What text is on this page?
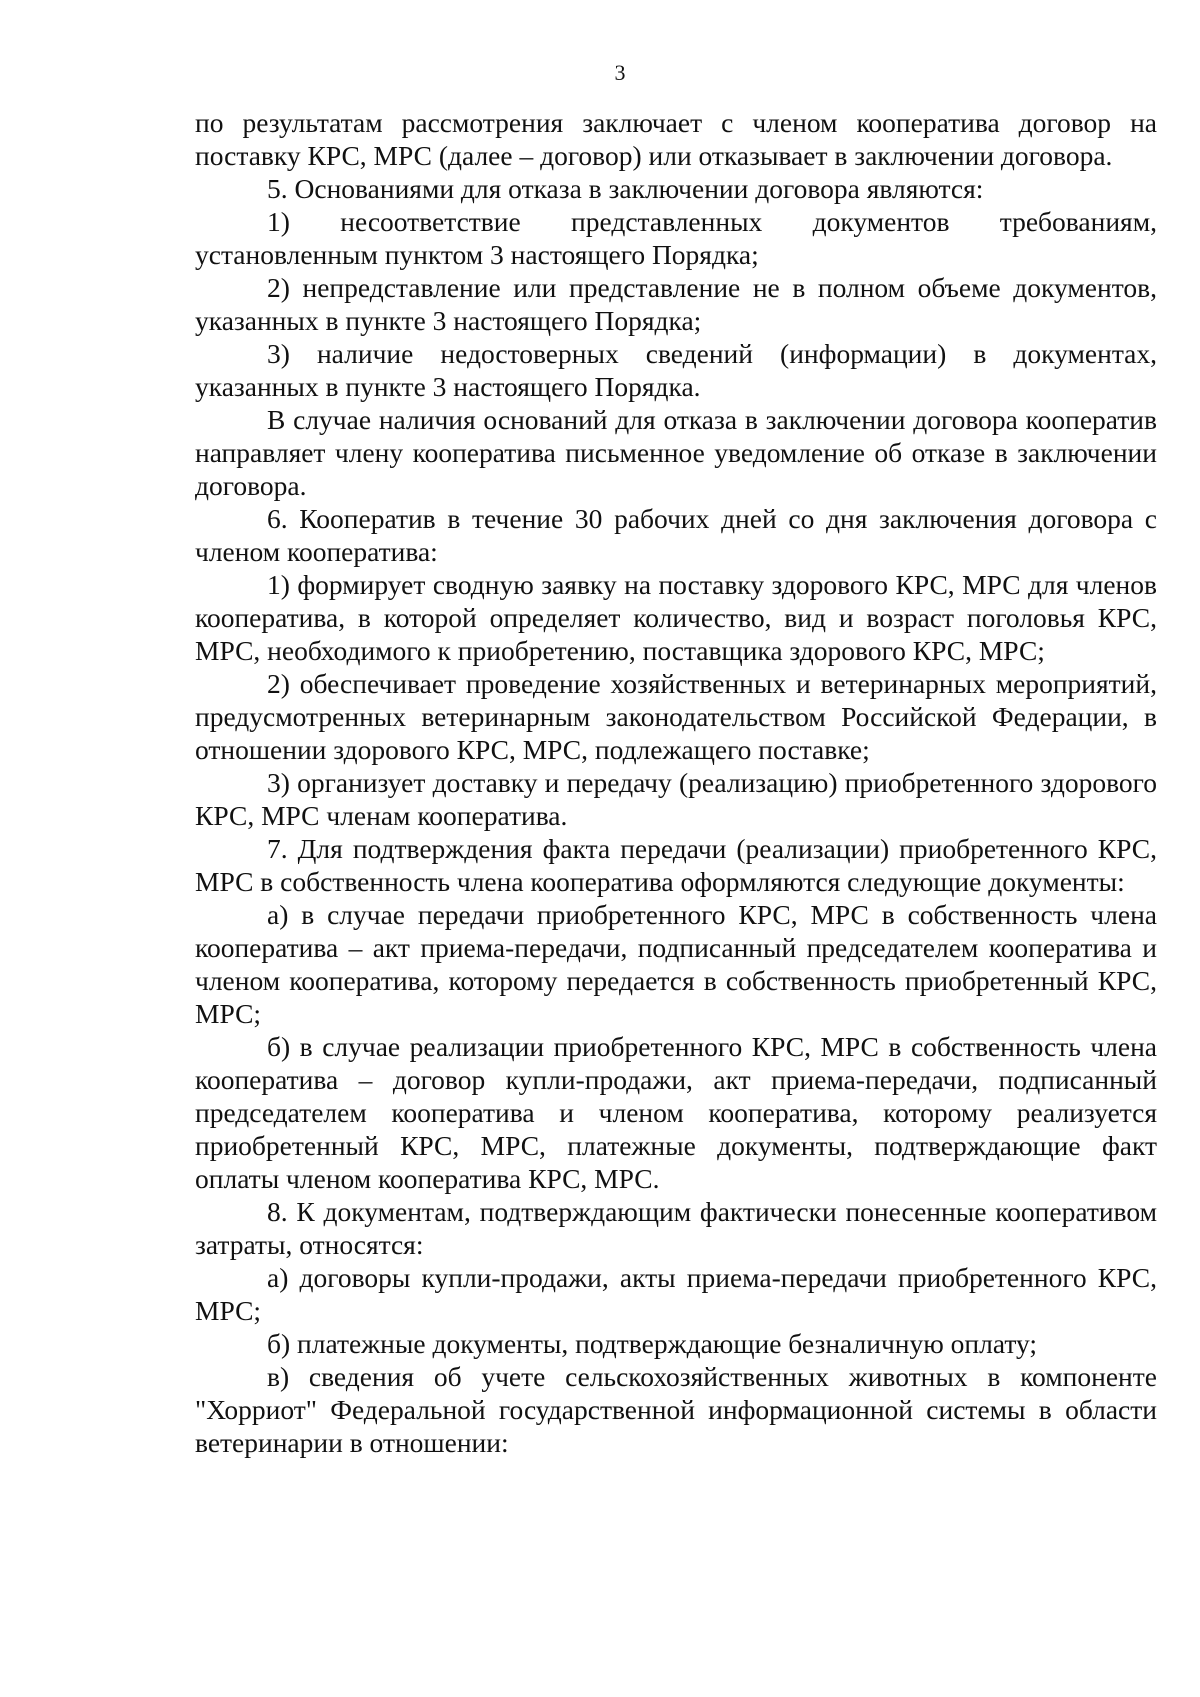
3

по результатам рассмотрения заключает с членом кооператива договор на поставку КРС, МРС (далее – договор) или отказывает в заключении договора.

5. Основаниями для отказа в заключении договора являются:

1) несоответствие представленных документов требованиям, установленным пунктом 3 настоящего Порядка;

2) непредставление или представление не в полном объеме документов, указанных в пункте 3 настоящего Порядка;

3) наличие недостоверных сведений (информации) в документах, указанных в пункте 3 настоящего Порядка.

В случае наличия оснований для отказа в заключении договора кооператив направляет члену кооператива письменное уведомление об отказе в заключении договора.

6. Кооператив в течение 30 рабочих дней со дня заключения договора с членом кооператива:

1) формирует сводную заявку на поставку здорового КРС, МРС для членов кооператива, в которой определяет количество, вид и возраст поголовья КРС, МРС, необходимого к приобретению, поставщика здорового КРС, МРС;

2) обеспечивает проведение хозяйственных и ветеринарных мероприятий, предусмотренных ветеринарным законодательством Российской Федерации, в отношении здорового КРС, МРС, подлежащего поставке;

3) организует доставку и передачу (реализацию) приобретенного здорового КРС, МРС членам кооператива.

7. Для подтверждения факта передачи (реализации) приобретенного КРС, МРС в собственность члена кооператива оформляются следующие документы:

а) в случае передачи приобретенного КРС, МРС в собственность члена кооператива – акт приема-передачи, подписанный председателем кооператива и членом кооператива, которому передается в собственность приобретенный КРС, МРС;

б) в случае реализации приобретенного КРС, МРС в собственность члена кооператива – договор купли-продажи, акт приема-передачи, подписанный председателем кооператива и членом кооператива, которому реализуется приобретенный КРС, МРС, платежные документы, подтверждающие факт оплаты членом кооператива КРС, МРС.

8. К документам, подтверждающим фактически понесенные кооперативом затраты, относятся:

а) договоры купли-продажи, акты приема-передачи приобретенного КРС, МРС;

б) платежные документы, подтверждающие безналичную оплату;

в) сведения об учете сельскохозяйственных животных в компоненте "Хорриот" Федеральной государственной информационной системы в области ветеринарии в отношении:
